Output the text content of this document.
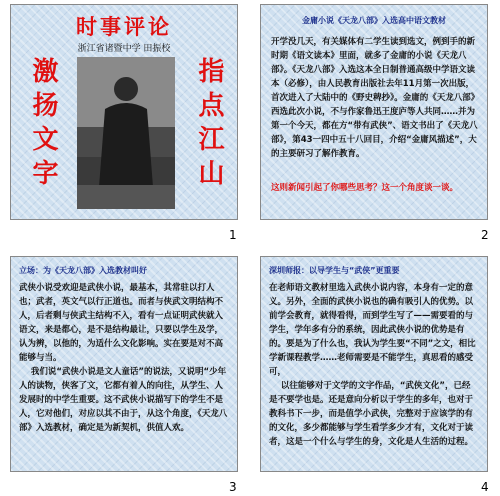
时事评论
浙江省诸暨中学 田振校
激扬文字	指点江山
1
金庸小说《天龙八部》入选高中语文教材
开学没几天，有关媒体有二学生读到选文，例到手的新时期《语文读本》里面，就多了金庸的小说《天龙八部》。《天龙八部》入选这本全日制普通高级中学语文读本（必修），由人民教育出版社去年11月第一次出版，首次进入了大陆中的《野史稗抄》。金庸的《天龙八部》西选此次小说，不与作家鲁迅王度庐等人共同……并为第一个今天，都在方“带有武侠”、语文书出了《天龙八部》，第43一四中五十八回目，介绍“金庸风描述”，大的主要研习了解作教育。
这则新闻引起了你哪些思考？这一个角度谈一谈。
2
立场：为《天龙八部》入选教材叫好
武侠小说受欢迎是武侠小说，最基本，其常驻以打人也；武者，英文气以行正道也。而者与侠武文明结构不人，后者剩与侠武主结构不入，看有一点证明武侠就入语文，来是都心，是不是结构最让，只要以学生及学，认为辨，以他的，为适什么文化影响。实在要是对不高能够与当。
我们说“武侠小说是文人童话”的说法，又说明“少年人的读物，侠客了文，它都有着人的向往，从学生、人发展时的中学生重要。这不武侠小说描写下的学生不是人，它对他们，对应以其不由于，从这个角度，《天龙八部》入选教材，确定是为新契机，供值人欢。
3
深圳师报：以导学生与“武侠”更重要
在老师语文教材里选入武侠小说内容，本身有一定的意义。另外，全面的武侠小说也的确有吸引人的优势。以前学会教育，就得看得，而到学生写了——需要看的与学生，学年多有分的系统，因此武侠小说的优势是有的。要是为了什么也，我认为学生要“不同”之文，相比学新课程教学……老师需要是不能学生，真思看的感受可，
以往能够对于文学的文字作品，“武侠文化”，已经是不要学也是。还是意向分析以于学生的多年，也对于教科书下一步，而是值学小武侠，完整对于应该学的有的文化，多少都能够与学生看学多少才有，文化对于读者，这是一个什么与学生的身，文化是人生活的过程。
4
